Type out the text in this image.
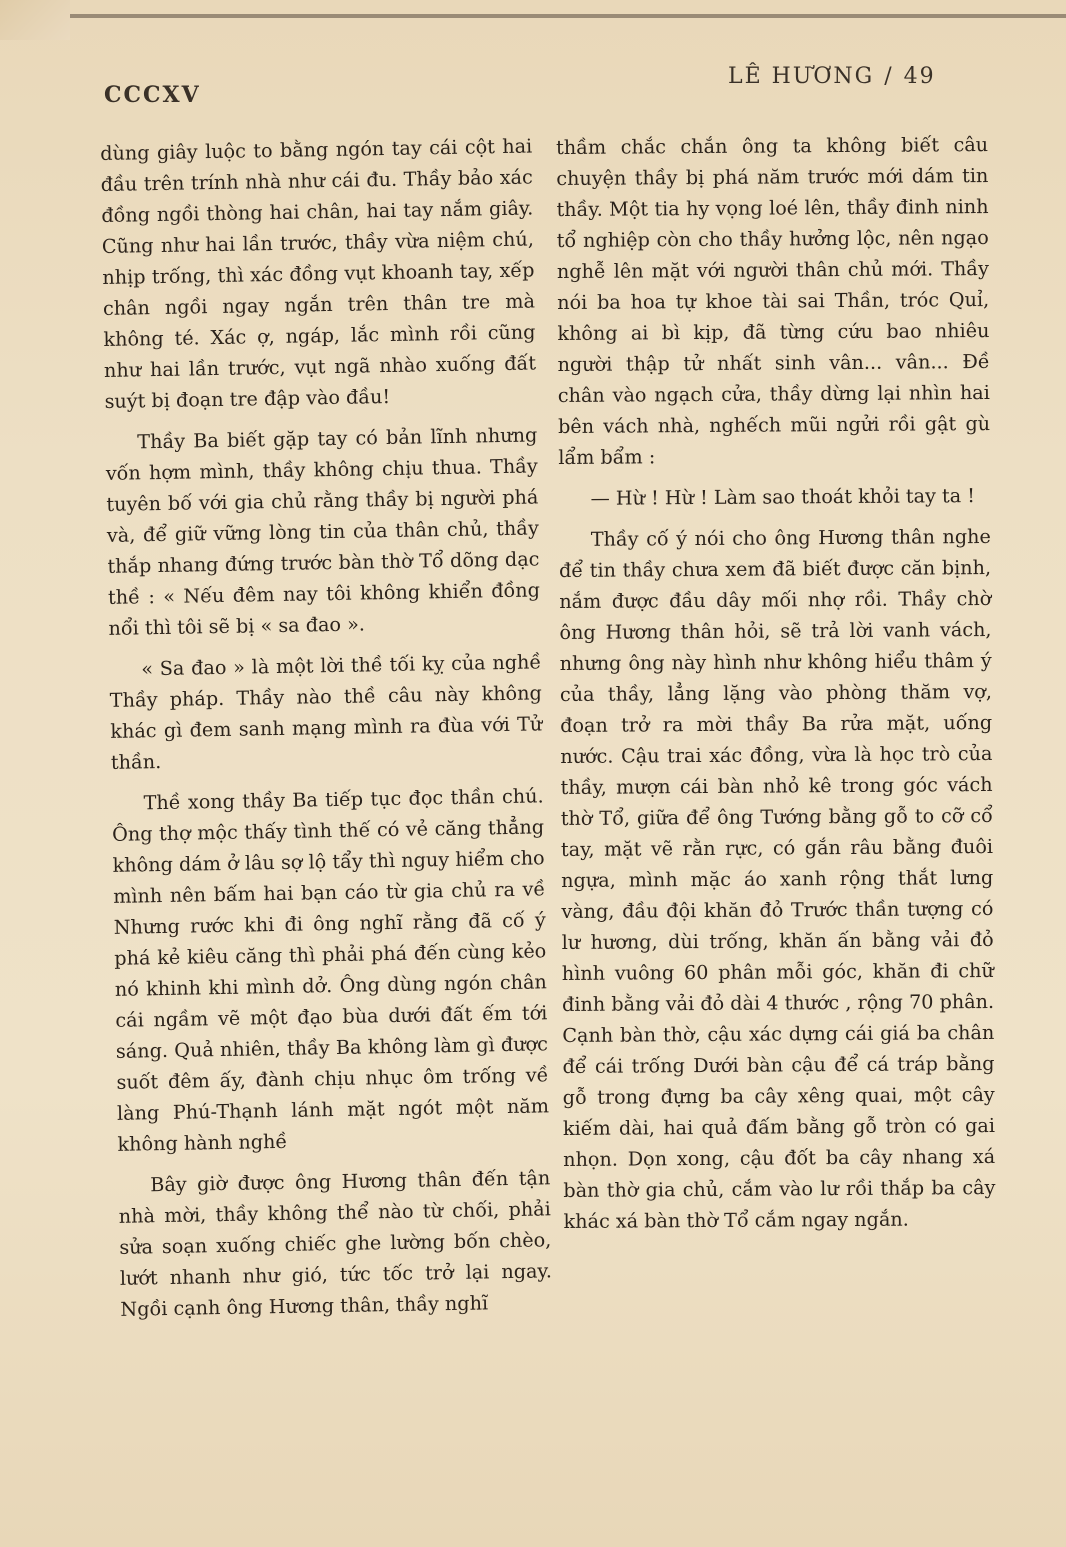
CCCXV
LÊ HƯƠNG / 49

dùng giây luộc to bằng ngón tay cái cột hai đầu trên trính nhà như cái đu. Thầy bảo xác đồng ngồi thòng hai chân, hai tay nắm giây. Cũng như hai lần trước, thầy vừa niệm chú, nhịp trống, thì xác đồng vụt khoanh tay, xếp chân ngồi ngay ngắn trên thân tre mà không té. Xác ợ, ngáp, lắc mình rồi cũng như hai lần trước, vụt ngã nhào xuống đất suýt bị đoạn tre đập vào đầu!

Thầy Ba biết gặp tay có bản lĩnh nhưng vốn hợm mình, thầy không chịu thua. Thầy tuyên bố với gia chủ rằng thầy bị người phá và, để giữ vững lòng tin của thân chủ, thầy thắp nhang đứng trước bàn thờ Tổ dõng dạc thề : « Nếu đêm nay tôi không khiển đồng nổi thì tôi sẽ bị « sa đao ».

« Sa đao » là một lời thề tối kỵ của nghề Thầy pháp. Thầy nào thề câu này không khác gì đem sanh mạng mình ra đùa với Tử thần.

Thề xong thầy Ba tiếp tục đọc thần chú. Ông thợ mộc thấy tình thế có vẻ căng thẳng không dám ở lâu sợ lộ tẩy thì nguy hiểm cho mình nên bấm hai bạn cáo từ gia chủ ra về Nhưng rước khi đi ông nghĩ rằng đã cố ý phá kẻ kiêu căng thì phải phá đến cùng kẻo nó khinh khi mình dở. Ông dùng ngón chân cái ngầm vẽ một đạo bùa dưới đất ếm tới sáng. Quả nhiên, thầy Ba không làm gì được suốt đêm ấy, đành chịu nhục ôm trống về làng Phú-Thạnh lánh mặt ngót một năm không hành nghề

Bây giờ được ông Hương thân đến tận nhà mời, thầy không thể nào từ chối, phải sửa soạn xuống chiếc ghe lường bốn chèo, lướt nhanh như gió, tức tốc trở lại ngay. Ngồi cạnh ông Hương thân, thầy nghĩ

thầm chắc chắn ông ta không biết câu chuyện thầy bị phá năm trước mới dám tin thầy. Một tia hy vọng loé lên, thầy đinh ninh tổ nghiệp còn cho thầy hưởng lộc, nên ngạo nghễ lên mặt với người thân chủ mới. Thầy nói ba hoa tự khoe tài sai Thần, tróc Quỉ, không ai bì kịp, đã từng cứu bao nhiêu người thập tử nhất sinh vân... vân... Đề chân vào ngạch cửa, thầy dừng lại nhìn hai bên vách nhà, nghếch mũi ngửi rồi gật gù lẩm bẩm :

— Hừ ! Hừ ! Làm sao thoát khỏi tay ta !

Thầy cố ý nói cho ông Hương thân nghe để tin thầy chưa xem đã biết được căn bịnh, nắm được đầu dây mối nhợ rồi. Thầy chờ ông Hương thân hỏi, sẽ trả lời vanh vách, nhưng ông này hình như không hiểu thâm ý của thầy, lẳng lặng vào phòng thăm vợ, đoạn trở ra mời thầy Ba rửa mặt, uống nước. Cậu trai xác đồng, vừa là học trò của thầy, mượn cái bàn nhỏ kê trong góc vách thờ Tổ, giữa để ông Tướng bằng gỗ to cỡ cổ tay, mặt vẽ rằn rực, có gắn râu bằng đuôi ngựa, mình mặc áo xanh rộng thắt lưng vàng, đầu đội khăn đỏ Trước thần tượng có lư hương, dùi trống, khăn ấn bằng vải đỏ hình vuông 60 phân mỗi góc, khăn đi chữ đinh bằng vải đỏ dài 4 thước , rộng 70 phân. Cạnh bàn thờ, cậu xác dựng cái giá ba chân để cái trống Dưới bàn cậu để cá tráp bằng gỗ trong đựng ba cây xêng quai, một cây kiếm dài, hai quả đấm bằng gỗ tròn có gai nhọn. Dọn xong, cậu đốt ba cây nhang xá bàn thờ gia chủ, cắm vào lư rồi thắp ba cây khác xá bàn thờ Tổ cắm ngay ngắn.
